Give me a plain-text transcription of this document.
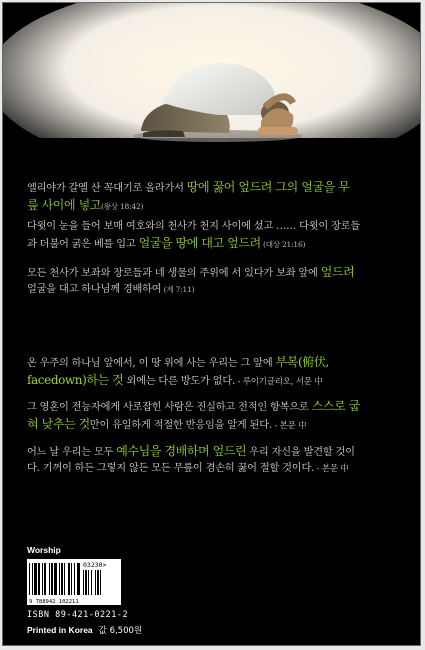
엘리야가 갈멜 산 꼭대기로 올라가서 땅에 꿇어 엎드려 그의 얼굴을 무
릎 사이에 넣고(왕상 18:42)
다윗이 눈을 들어 보매 여호와의 천사가 천지 사이에 섰고 …… 다윗이 장로들
과 더불어 굵은 베를 입고 얼굴을 땅에 대고 엎드려 (대상 21:16)
모든 천사가 보좌와 장로들과 네 생물의 주위에 서 있다가 보좌 앞에 엎드려
얼굴을 대고 하나님께 경배하여 (계 7:11)
온 우주의 하나님 앞에서, 이 땅 위에 사는 우리는 그 앞에 부복(俯伏,
facedown)하는 것 외에는 다른 방도가 없다. - 루이기글리오, 서문 中
그 영혼이 전능자에게 사로잡힌 사람은 진실하고 전적인 항복으로 스스로 굽
혀 낮추는 것만이 유일하게 적절한 반응임을 알게 된다. - 본문 中
어느 날 우리는 모두 예수님을 경배하며 엎드린 우리 자신을 발견할 것이
다. 기꺼이 하든 그렇지 않든 모든 무릎이 겸손히 꿇어 절할 것이다. - 본문 中
Worship
03230>
9 788942 102211
ISBN 89-421-0221-2
Printed in Korea 값 6,500원
